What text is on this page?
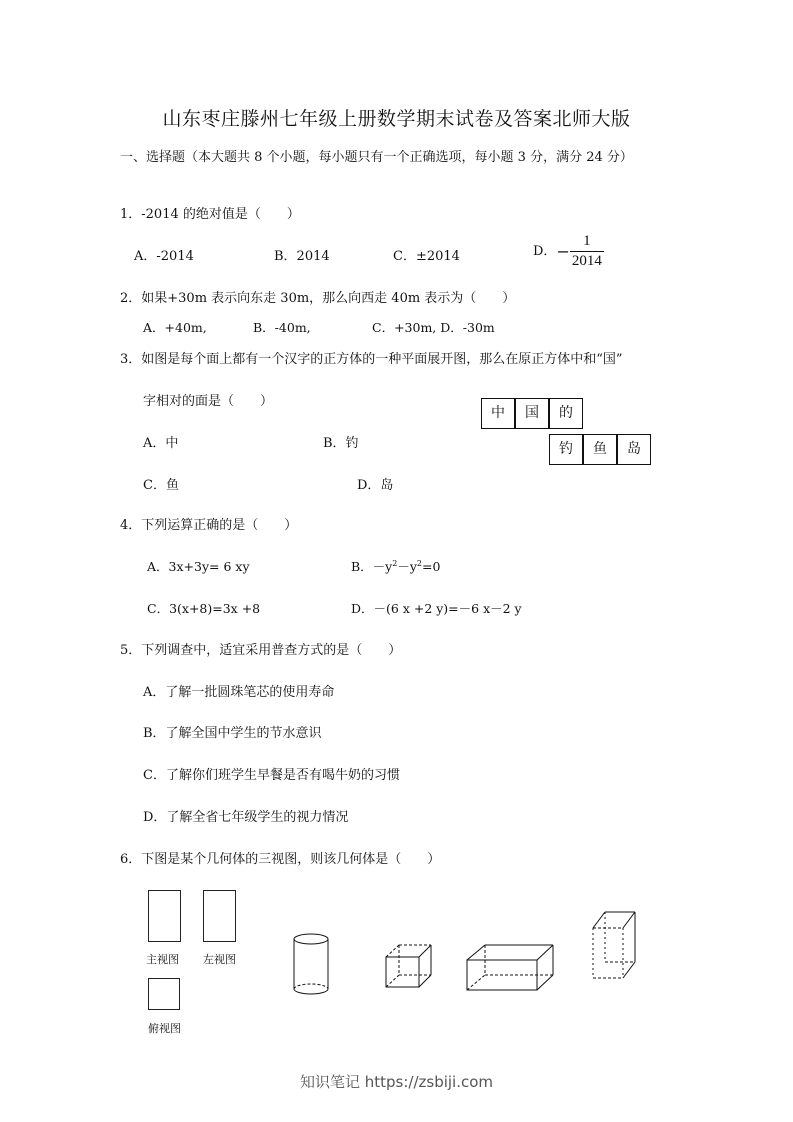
山东枣庄滕州七年级上册数学期末试卷及答案北师大版
一、选择题（本大题共 8 个小题，每小题只有一个正确选项，每小题 3 分，满分 24 分）
1．-2014 的绝对值是（　　）
A．-2014	B．2014	C．±2014	D．− $\frac{1}{2014}$
2．如果+30m 表示向东走 30m，那么向西走 40m 表示为（　　）
A．+40m,	B．-40m,	C．+30m, D．-30m
3．如图是每个面上都有一个汉字的正方体的一种平面展开图，那么在原正方体中和“国”
字相对的面是（　　）
A．中	B．钓
C．鱼	D．岛
中	国	的
钓	鱼	岛
4．下列运算正确的是（　　）
A．3x+3y= 6 xy	B．$-y^2-y^2=0$
C．3(x+8)=3x +8	D．－(6 x +2 y)=－6 x－2 y
5．下列调查中，适宜采用普查方式的是（　　）
A．了解一批圆珠笔芯的使用寿命
B．了解全国中学生的节水意识
C．了解你们班学生早餐是否有喝牛奶的习惯
D．了解全省七年级学生的视力情况
6．下图是某个几何体的三视图，则该几何体是（　　）
主视图 左视图
俯视图
知识笔记 https://zsbiji.com
